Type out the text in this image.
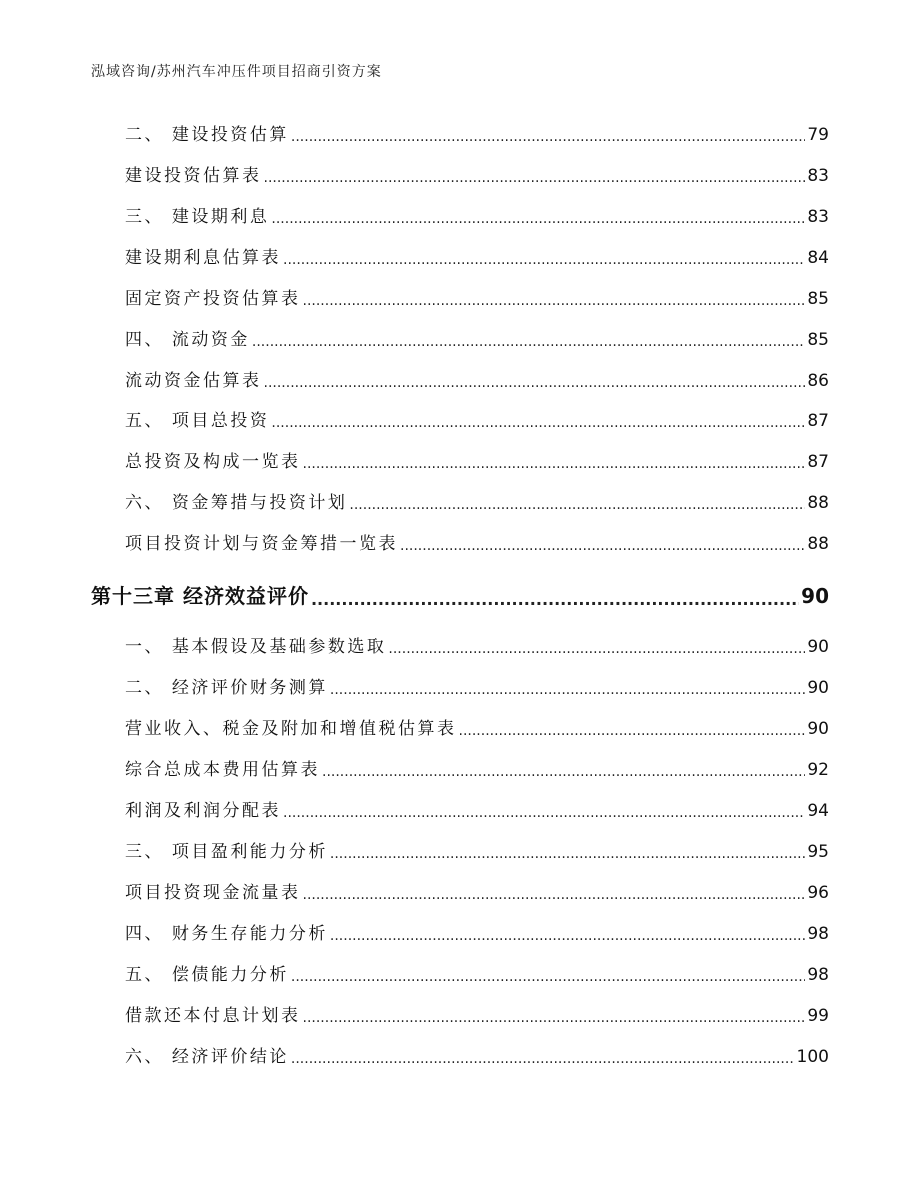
泓域咨询/苏州汽车冲压件项目招商引资方案
二、 建设投资估算 .....	79
建设投资估算表 .....	83
三、 建设期利息 .....	83
建设期利息估算表 .....	84
固定资产投资估算表 .....	85
四、 流动资金 .....	85
流动资金估算表 .....	86
五、 项目总投资 .....	87
总投资及构成一览表 .....	87
六、 资金筹措与投资计划 .....	88
项目投资计划与资金筹措一览表 .....	88
第十三章 经济效益评价 .....	90
一、 基本假设及基础参数选取 .....	90
二、 经济评价财务测算 .....	90
营业收入、税金及附加和增值税估算表 .....	90
综合总成本费用估算表 .....	92
利润及利润分配表 .....	94
三、 项目盈利能力分析 .....	95
项目投资现金流量表 .....	96
四、 财务生存能力分析 .....	98
五、 偿债能力分析 .....	98
借款还本付息计划表 .....	99
六、 经济评价结论 .....	100
